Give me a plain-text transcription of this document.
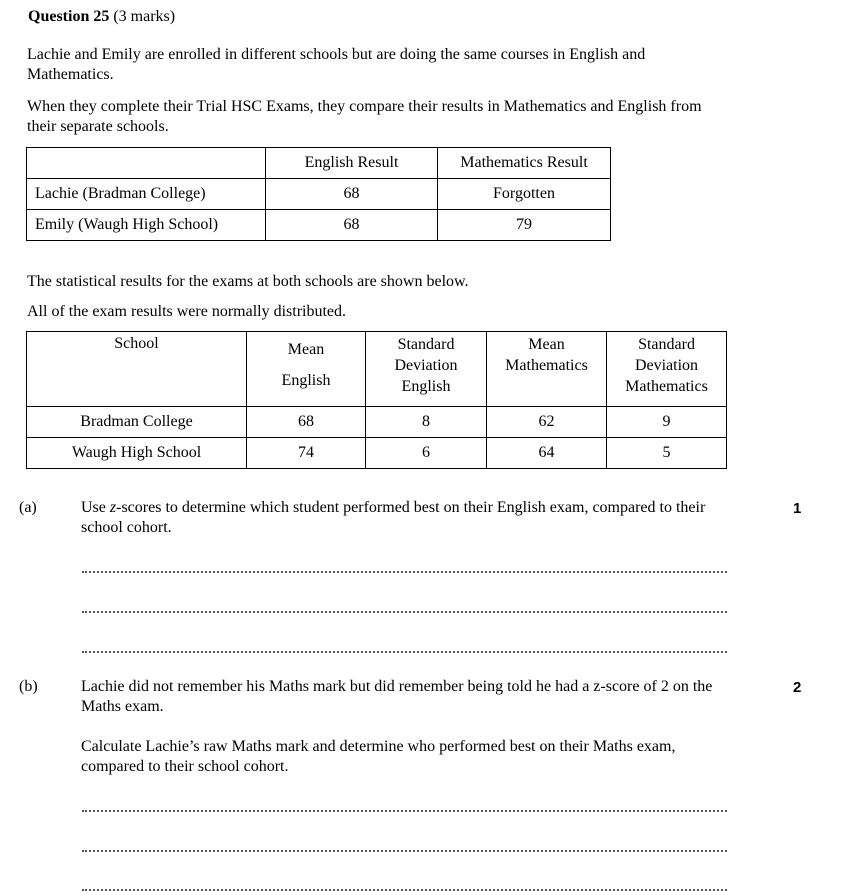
Question 25 (3 marks)
Lachie and Emily are enrolled in different schools but are doing the same courses in English and Mathematics.
When they complete their Trial HSC Exams, they compare their results in Mathematics and English from their separate schools.
	English Result	Mathematics Result
Lachie (Bradman College)	68	Forgotten
Emily (Waugh High School)	68	79
The statistical results for the exams at both schools are shown below.
All of the exam results were normally distributed.
School	Mean English	Standard Deviation English	Mean Mathematics	Standard Deviation Mathematics

Bradman College	68	8	62	9
Waugh High School	74	6	64	5
(a)	Use z-scores to determine which student performed best on their English exam, compared to their school cohort.
1
(b)	Lachie did not remember his Maths mark but did remember being told he had a z-score of 2 on the Maths exam.
2
Calculate Lachie’s raw Maths mark and determine who performed best on their Maths exam, compared to their school cohort.
